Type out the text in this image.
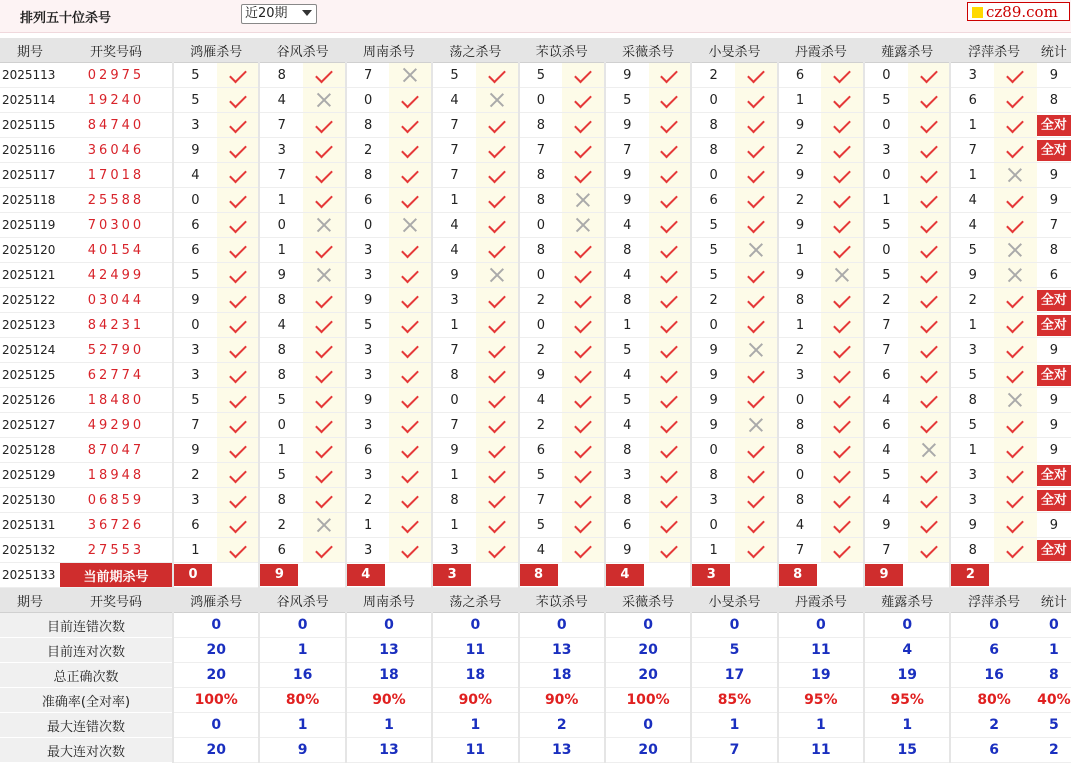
排列五十位杀号	近20期	cz89.com
期号	开奖号码	鸿雁杀号		谷风杀号		周南杀号		荡之杀号		芣苡杀号		采薇杀号		小旻杀号		丹霞杀号		薤露杀号		浮萍杀号		统计
2025113	02975	5		8		7		5		5		9		2		6		0		3		9
2025114	19240	5		4		0		4		0		5		0		1		5		6		8
2025115	84740	3		7		8		7		8		9		8		9		0		1		全对
2025116	36046	9		3		2		7		7		7		8		2		3		7		全对
2025117	17018	4		7		8		7		8		9		0		9		0		1		9
2025118	25588	0		1		6		1		8		9		6		2		1		4		9
2025119	70300	6		0		0		4		0		4		5		9		5		4		7
2025120	40154	6		1		3		4		8		8		5		1		0		5		8
2025121	42499	5		9		3		9		0		4		5		9		5		9		6
2025122	03044	9		8		9		3		2		8		2		8		2		2		全对
2025123	84231	0		4		5		1		0		1		0		1		7		1		全对
2025124	52790	3		8		3		7		2		5		9		2		7		3		9
2025125	62774	3		8		3		8		9		4		9		3		6		5		全对
2025126	18480	5		5		9		0		4		5		9		0		4		8		9
2025127	49290	7		0		3		7		2		4		9		8		6		5		9
2025128	87047	9		1		6		9		6		8		0		8		4		1		9
2025129	18948	2		5		3		1		5		3		8		0		5		3		全对
2025130	06859	3		8		2		8		7		8		3		8		4		3		全对
2025131	36726	6		2		1		1		5		6		0		4		9		9		9
2025132	27553	1		6		3		3		4		9		1		7		7		8		全对
2025133	当前期杀号	0		9		4		3		8		4		3		8		9		2		
期号	开奖号码	鸿雁杀号		谷风杀号		周南杀号		荡之杀号		芣苡杀号		采薇杀号		小旻杀号		丹霞杀号		薤露杀号		浮萍杀号		统计
目前连错次数		0		0		0		0		0		0		0		0		0		0		0
目前连对次数		20		1		13		11		13		20		5		11		4		6		1
总正确次数		20		16		18		18		18		20		17		19		19		16		8
准确率(全对率)		100%		80%		90%		90%		90%		100%		85%		95%		95%		80%		40%
最大连错次数		0		1		1		1		2		0		1		1		1		2		5
最大连对次数		20		9		13		11		13		20		7		11		15		6		2
